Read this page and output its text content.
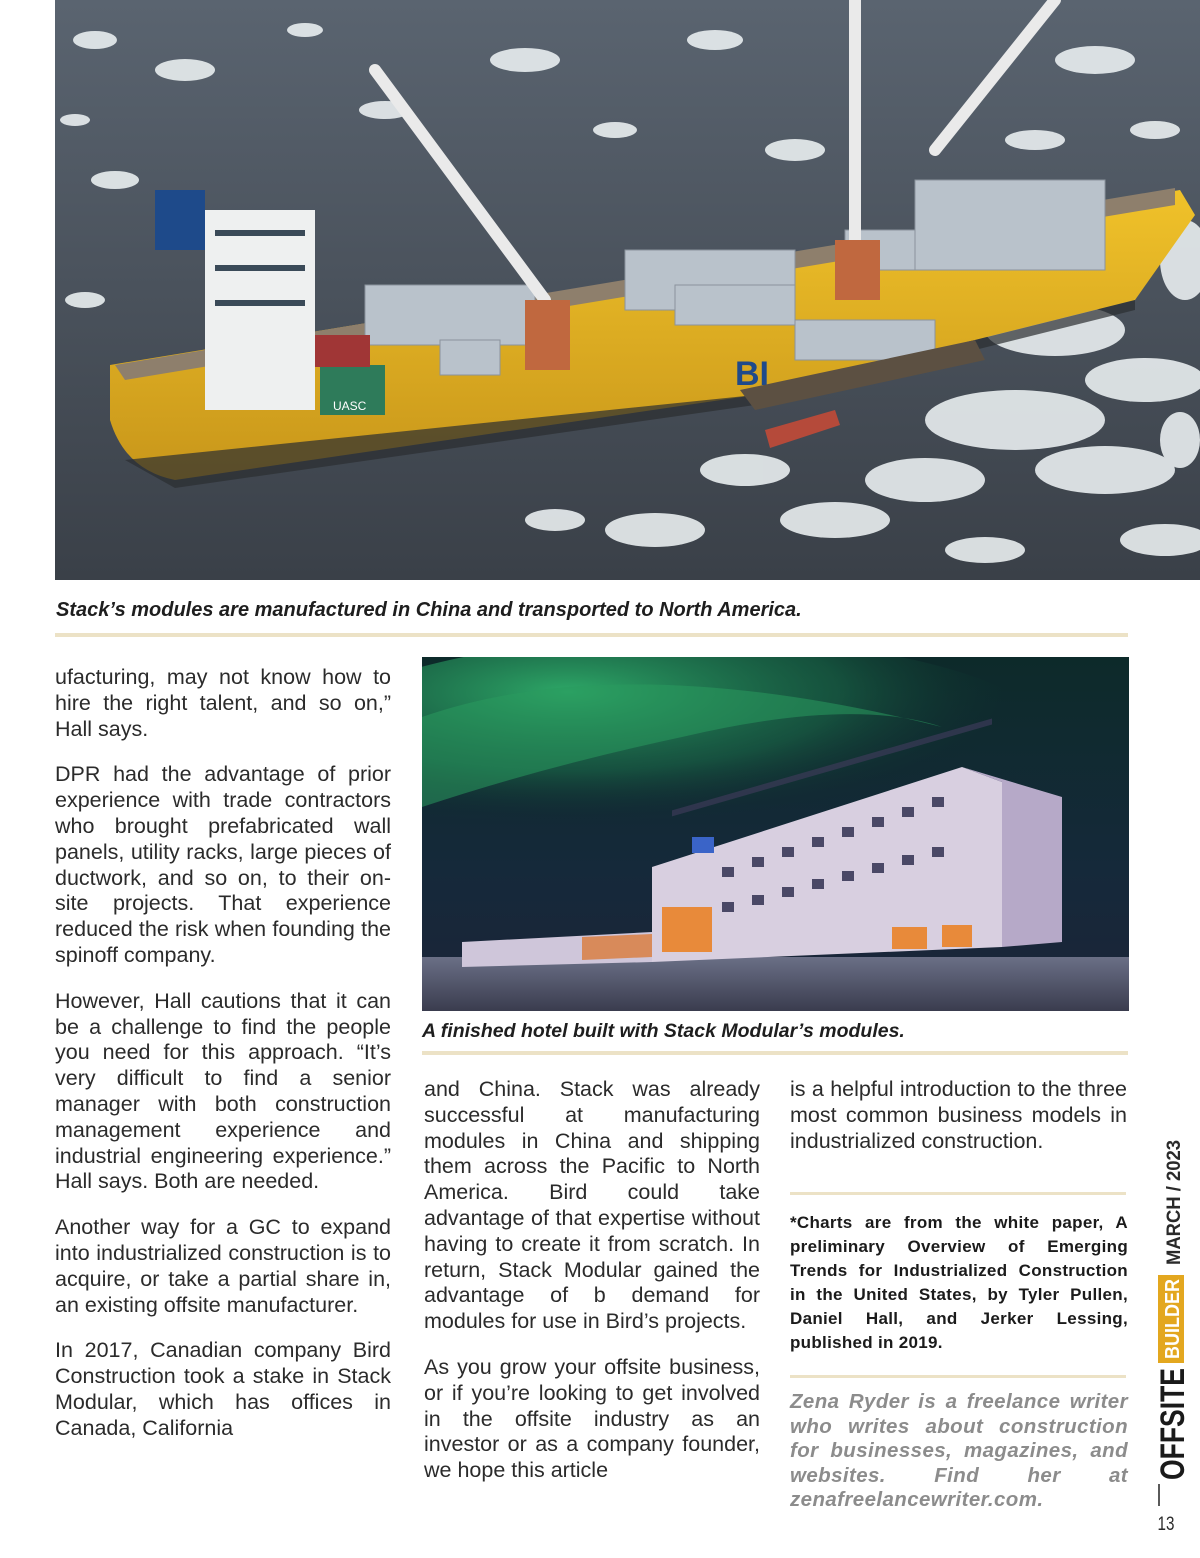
UASC
BI
Stack’s modules are manufactured in China and transported to North America.

ufacturing, may not know how to hire the right talent, and so on,” Hall says.

DPR had the advantage of prior experience with trade contractors who brought prefabricated wall panels, utility racks, large pieces of ductwork, and so on, to their on-site projects. That experience reduced the risk when founding the spinoff company.

However, Hall cautions that it can be a challenge to find the people you need for this approach. “It’s very difficult to find a senior manager with both construction management experience and industrial engineering experience.” Hall says. Both are needed.

Another way for a GC to expand into industrialized construction is to acquire, or take a partial share in, an existing offsite manufacturer.

In 2017, Canadian company Bird Construction took a stake in Stack Modular, which has offices in Canada, California

A finished hotel built with Stack Modular’s modules.

and China. Stack was already successful at manufacturing modules in China and shipping them across the Pacific to North America. Bird could take advantage of that expertise without having to create it from scratch. In return, Stack Modular gained the advantage of b demand for modules for use in Bird’s projects.

As you grow your offsite business, or if you’re looking to get involved in the offsite industry as an investor or as a company founder, we hope this article

is a helpful introduction to the three most common business models in industrialized construction.

*Charts are from the white paper, A preliminary Overview of Emerging Trends for Industrialized Construction in the United States, by Tyler Pullen, Daniel Hall, and Jerker Lessing, published in 2019.
Zena Ryder is a freelance writer who writes about construction for businesses, magazines, and websites. Find her at zenafreelancewriter.com.
OFFSITE
BUILDER
MARCH / 2023
13
